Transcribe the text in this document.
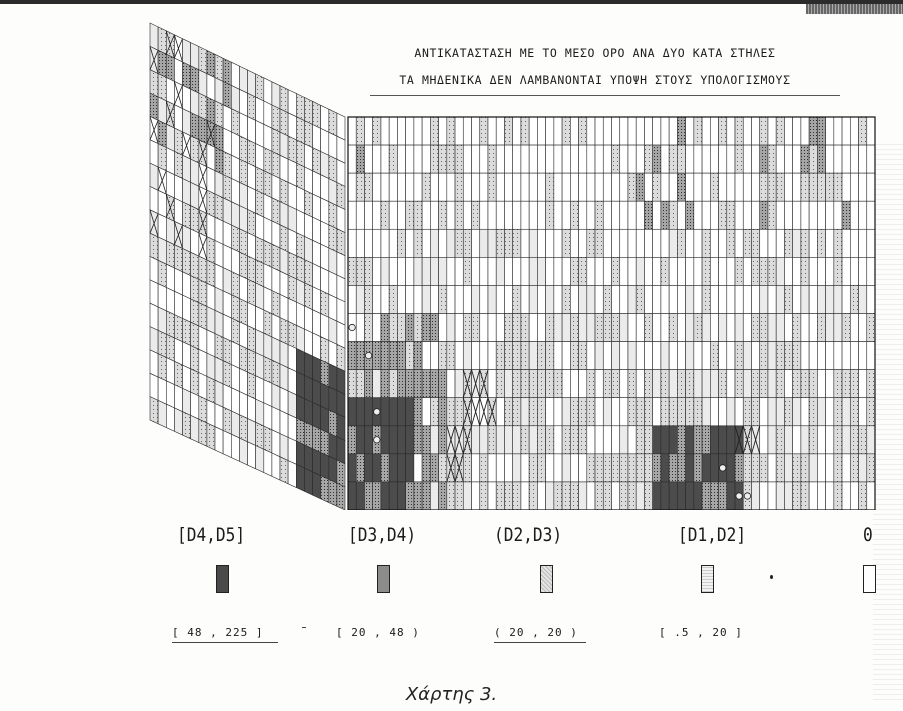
ΑΝΤΙΚΑΤΑΣΤΑΣΗ ΜΕ ΤΟ ΜΕΣΟ ΟΡΟ ΑΝΑ ΔΥΟ ΚΑΤΑ ΣΤΗΛΕΣ
ΤΑ ΜΗΔΕΝΙΚΑ ΔΕΝ ΛΑΜΒΑΝΟΝΤΑΙ ΥΠΟΨΗ ΣΤΟΥΣ ΥΠΟΛΟΓΙΣΜΟΥΣ
[D4,D5]	[D3,D4)	(D2,D3)	[D1,D2]	0
[ 48 , 225 ]	[ 20 , 48 )	( 20 , 20 )	[ .5 , 20 ]
Χάρτης 3.
